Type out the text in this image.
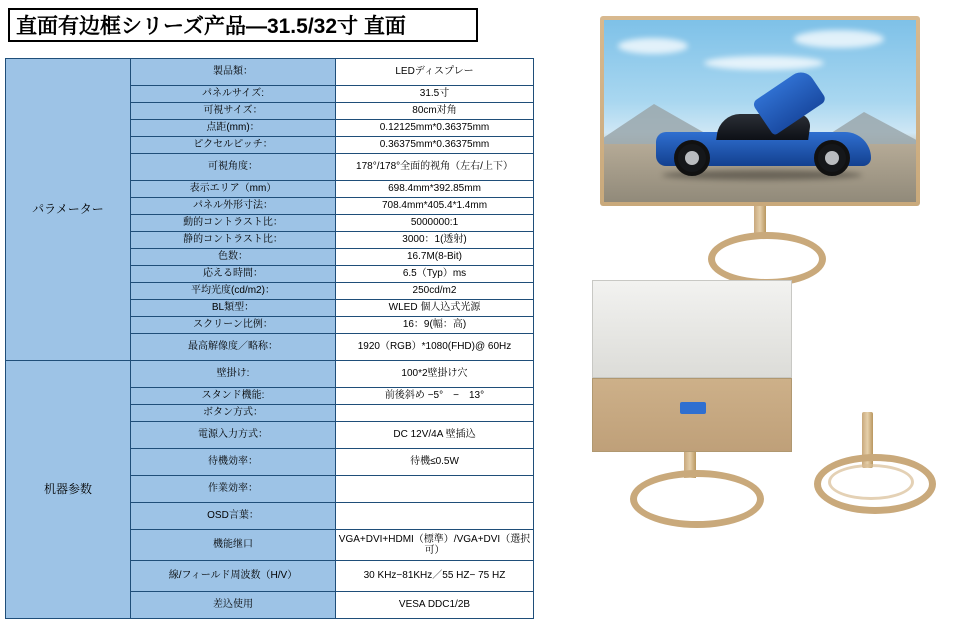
直面有边框シリーズ产品—31.5/32寸 直面
パラメーター	製品類：	LEDディスプレー
	パネルサイズ:	31.5寸
	可視サイズ：	80cm对角
	点距(mm)：	0.12125mm*0.36375mm
	ピクセルピッチ：	0.36375mm*0.36375mm
	可視角度：	178°/178°全面的视角（左右/上下）
	表示エリア（mm）	698.4mm*392.85mm
	パネル外形寸法：	708.4mm*405.4*1.4mm
	動的コントラスト比：	5000000:1
	静的コントラスト比：	3000：1(透射)
	色数：	16.7M(8-Bit)
	応える時間：	6.5（Typ）ms
	平均光度(cd/m2)：	250cd/m2
	BL類型：	WLED 個人込式光源
	スクリーン比例：	16：9(幅：高)
	最高解像度／略称：	1920（RGB）*1080(FHD)@ 60Hz
机器参数	壁掛け:	100*2壁掛け穴
	スタンド機能:	前後斜め −5°　−　13°
	ボタン方式：	
	電源入力方式：	DC 12V/4A 壁插込
	待機効率：	待機≤0.5W
	作業効率：	
	OSD言葉：	
	機能继口	VGA+DVI+HDMI（標準）/VGA+DVI（選択可）
	線/フィールド周波数（H/V）	30 KHz−81KHz／55 HZ− 75 HZ
	差込使用	VESA DDC1/2B
